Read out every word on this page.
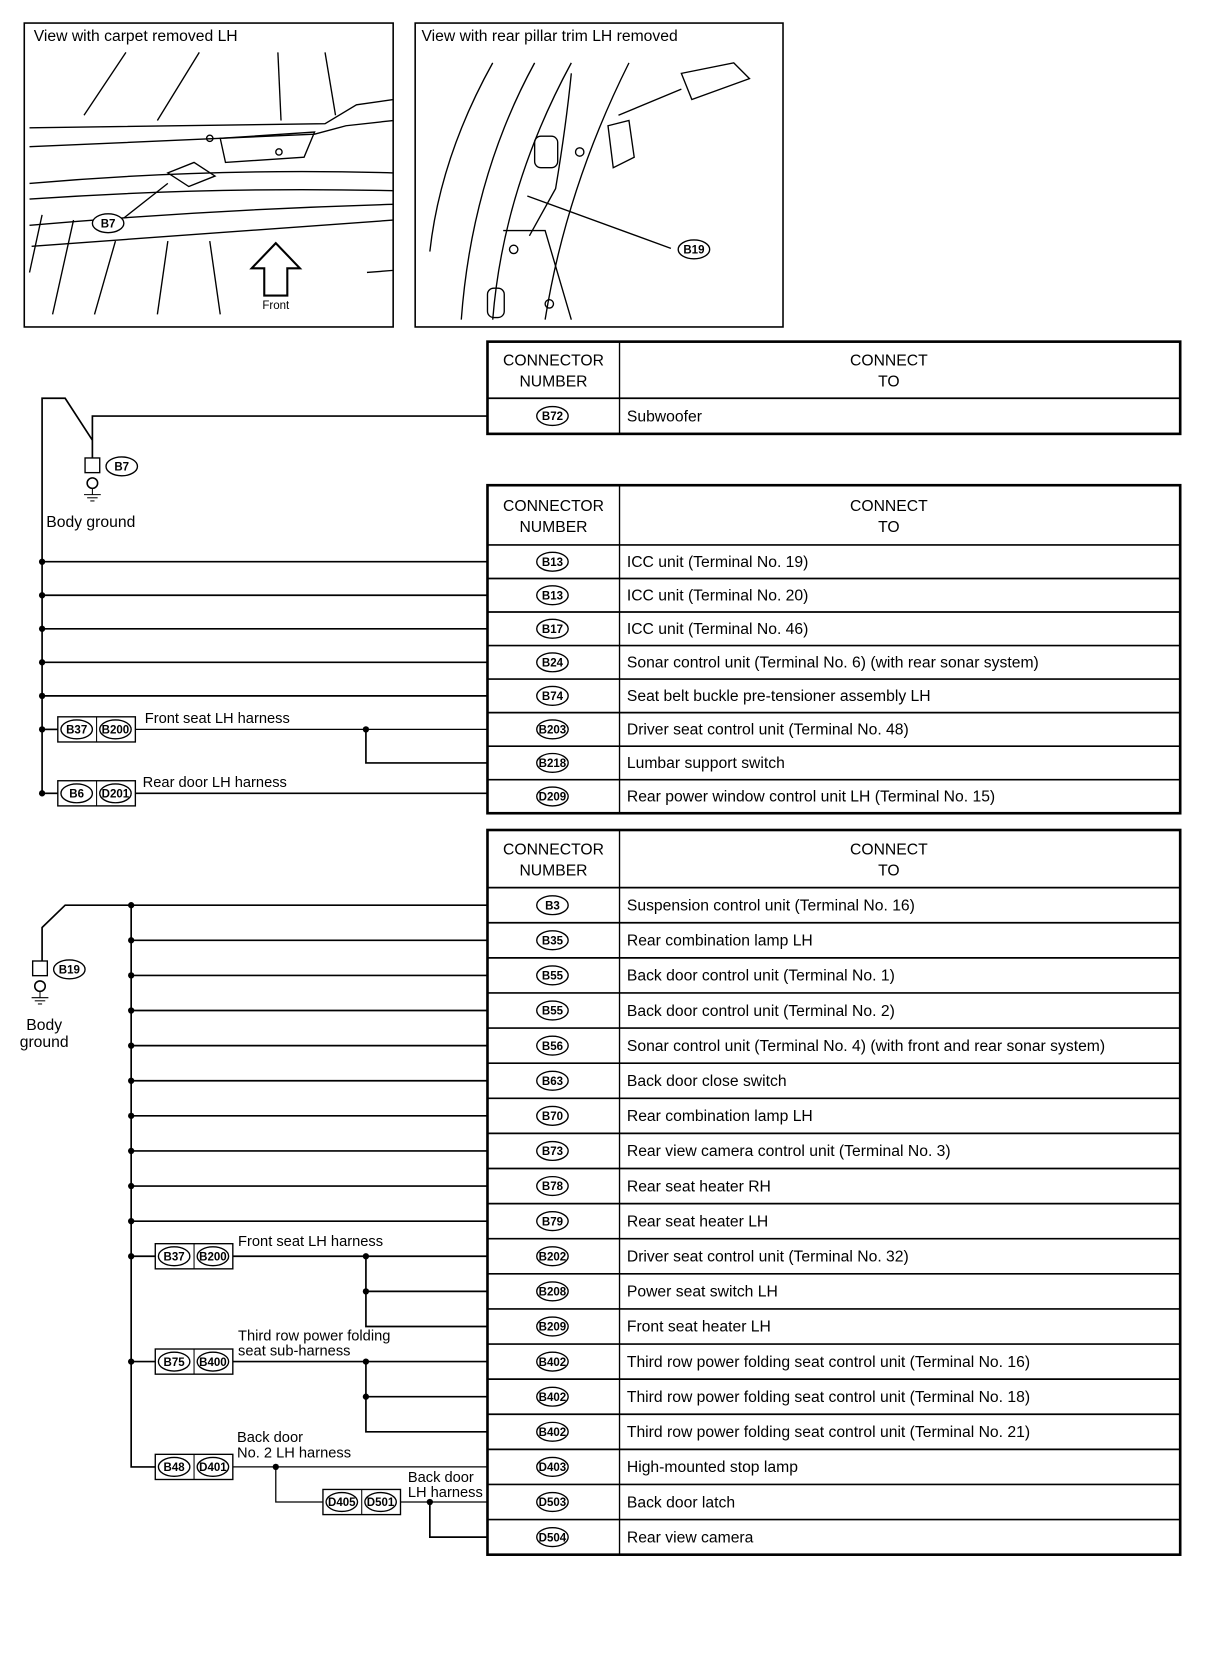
View with carpet removed LH
B7
Front
View with rear pillar trim LH removed
B19
B7
Body ground
B37 B200
Front seat LH harness
B6 D201
Rear door LH harness
B19
Body
ground
B37 B200
B75 B400
Front seat LH harness
Third row power folding
seat sub-harness
B48 D401
Back door
No. 2 LH harness
D405 D501
Back door
LH harness
CONNECTOR
NUMBER
CONNECT
TO
B72	Subwoofer
CONNECTOR
NUMBER
CONNECT
TO
B13	ICC unit (Terminal No. 19)
B13	ICC unit (Terminal No. 20)
B17	ICC unit (Terminal No. 46)
B24	Sonar control unit (Terminal No. 6) (with rear sonar system)
B74	Seat belt buckle pre-tensioner assembly LH
B203	Driver seat control unit (Terminal No. 48)
B218	Lumbar support switch
D209	Rear power window control unit LH (Terminal No. 15)
CONNECTOR
NUMBER
CONNECT
TO
B3	Suspension control unit (Terminal No. 16)
B35	Rear combination lamp LH
B55	Back door control unit (Terminal No. 1)
B55	Back door control unit (Terminal No. 2)
B56	Sonar control unit (Terminal No. 4) (with front and rear sonar system)
B63	Back door close switch
B70	Rear combination lamp LH
B73	Rear view camera control unit (Terminal No. 3)
B78	Rear seat heater RH
B79	Rear seat heater LH
B202	Driver seat control unit (Terminal No. 32)
B208	Power seat switch LH
B209	Front seat heater LH
B402	Third row power folding seat control unit (Terminal No. 16)
B402	Third row power folding seat control unit (Terminal No. 18)
B402	Third row power folding seat control unit (Terminal No. 21)
D403	High-mounted stop lamp
D503	Back door latch
D504	Rear view camera
